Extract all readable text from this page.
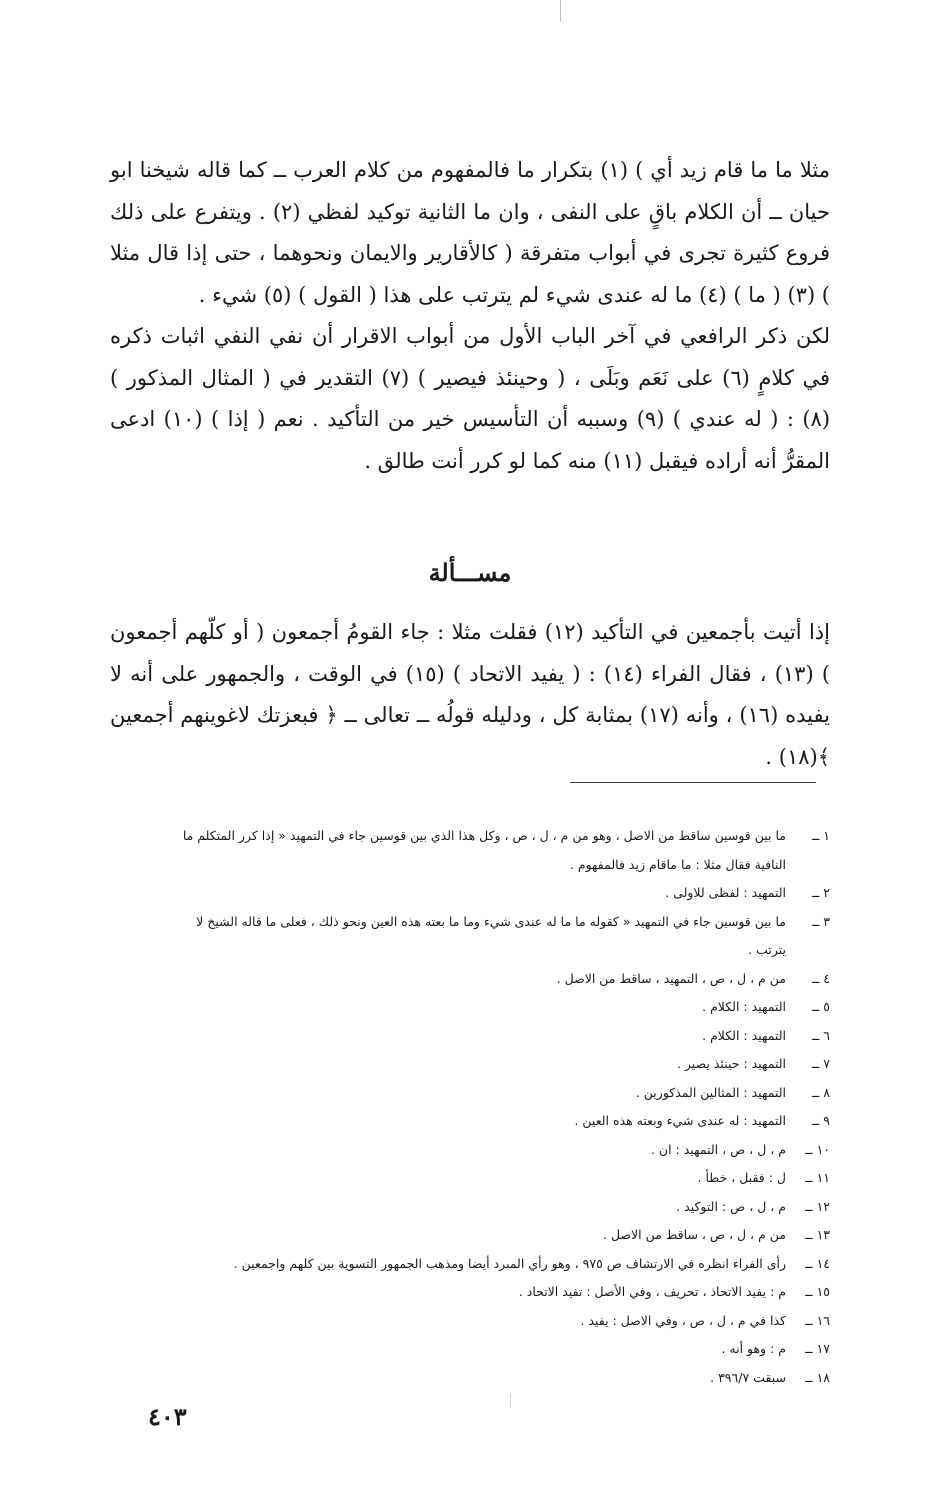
مثلا ما ما قام زيد أي ) (١) بتكرار ما فالمفهوم من كلام العرب ــ كما قاله شيخنا ابو حيان ــ أن الكلام باقٍ على النفى ، وان ما الثانية توكيد لفظي (٢) . ويتفرع على ذلك فروع كثيرة تجرى في أبواب متفرقة ( كالأقارير والايمان ونحوهما ، حتى إذا قال مثلا ) (٣) ( ما ) (٤) ما له عندى شيء لم يترتب على هذا ( القول ) (٥) شيء .

لكن ذكر الرافعي في آخر الباب الأول من أبواب الاقرار أن نفي النفي اثبات ذكره في كلامٍ (٦) على نَعَم وبَلَى ، ( وحينئذ فيصير ) (٧) التقدير في ( المثال المذكور ) (٨) : ( له عندي ) (٩) وسببه أن التأسيس خير من التأكيد . نعم ( إذا ) (١٠) ادعى المقرُّ أنه أراده فيقبل (١١) منه كما لو كرر أنت طالق .

مســـألة

إذا أتيت بأجمعين في التأكيد (١٢) فقلت مثلا : جاء القومُ أجمعون ( أو كلّهم أجمعون ) (١٣) ، فقال الفراء (١٤) : ( يفيد الاتحاد ) (١٥) في الوقت ، والجمهور على أنه لا يفيده (١٦) ، وأنه (١٧) بمثابة كل ، ودليله قولُه ــ تعالى ــ ﴿ فبعزتك لاغوينهم أجمعين ﴾(١٨) .

١ ــ
ما بين قوسين ساقط من الاصل ، وهو من م ، ل ، ص ، وكل هذا الذي بين قوسين جاء في التمهيد « إذا كرر المتكلم ما
النافية فقال مثلا : ما ماقام زيد فالمفهوم .
٢ ــ
التمهيد : لفظى للاولى .
٣ ــ
ما بين قوسين جاء في التمهيد « كقوله ما ما له عندى شيء وما ما بعته هذه العين ونحو ذلك ، فعلى ما قاله الشيخ لا
يترتب .
٤ ــ
من م ، ل ، ص ، التمهيد ، ساقط من الاصل .
٥ ــ
التمهيد : الكلام .
٦ ــ
التمهيد : الكلام .
٧ ــ
التمهيد : حينئذ يصير .
٨ ــ
التمهيد : المثالين المذكورين .
٩ ــ
التمهيد : له عندى شيء وبعته هذه العين .
١٠ ــ
م ، ل ، ص ، التمهيد : ان .
١١ ــ
ل : فقبل ، خطأ .
١٢ ــ
م ، ل ، ص : التوكيد .
١٣ ــ
من م ، ل ، ص ، ساقط من الاصل .
١٤ ــ
رأى الفراء انظره في الارتشاف ص ٩٧٥ ، وهو رأي المبرد أيضا ومذهب الجمهور التسوية بين كلهم واجمعين .
١٥ ــ
م : يفيد الاتحاذ ، تحريف ، وفي الأصل : تفيد الاتحاد .
١٦ ــ
كذا في م ، ل ، ص ، وفي الاصل : يفيد .
١٧ ــ
م : وهو أنه .
١٨ ــ
سبقت ٣٩٦/٧ .
٤٠٣
